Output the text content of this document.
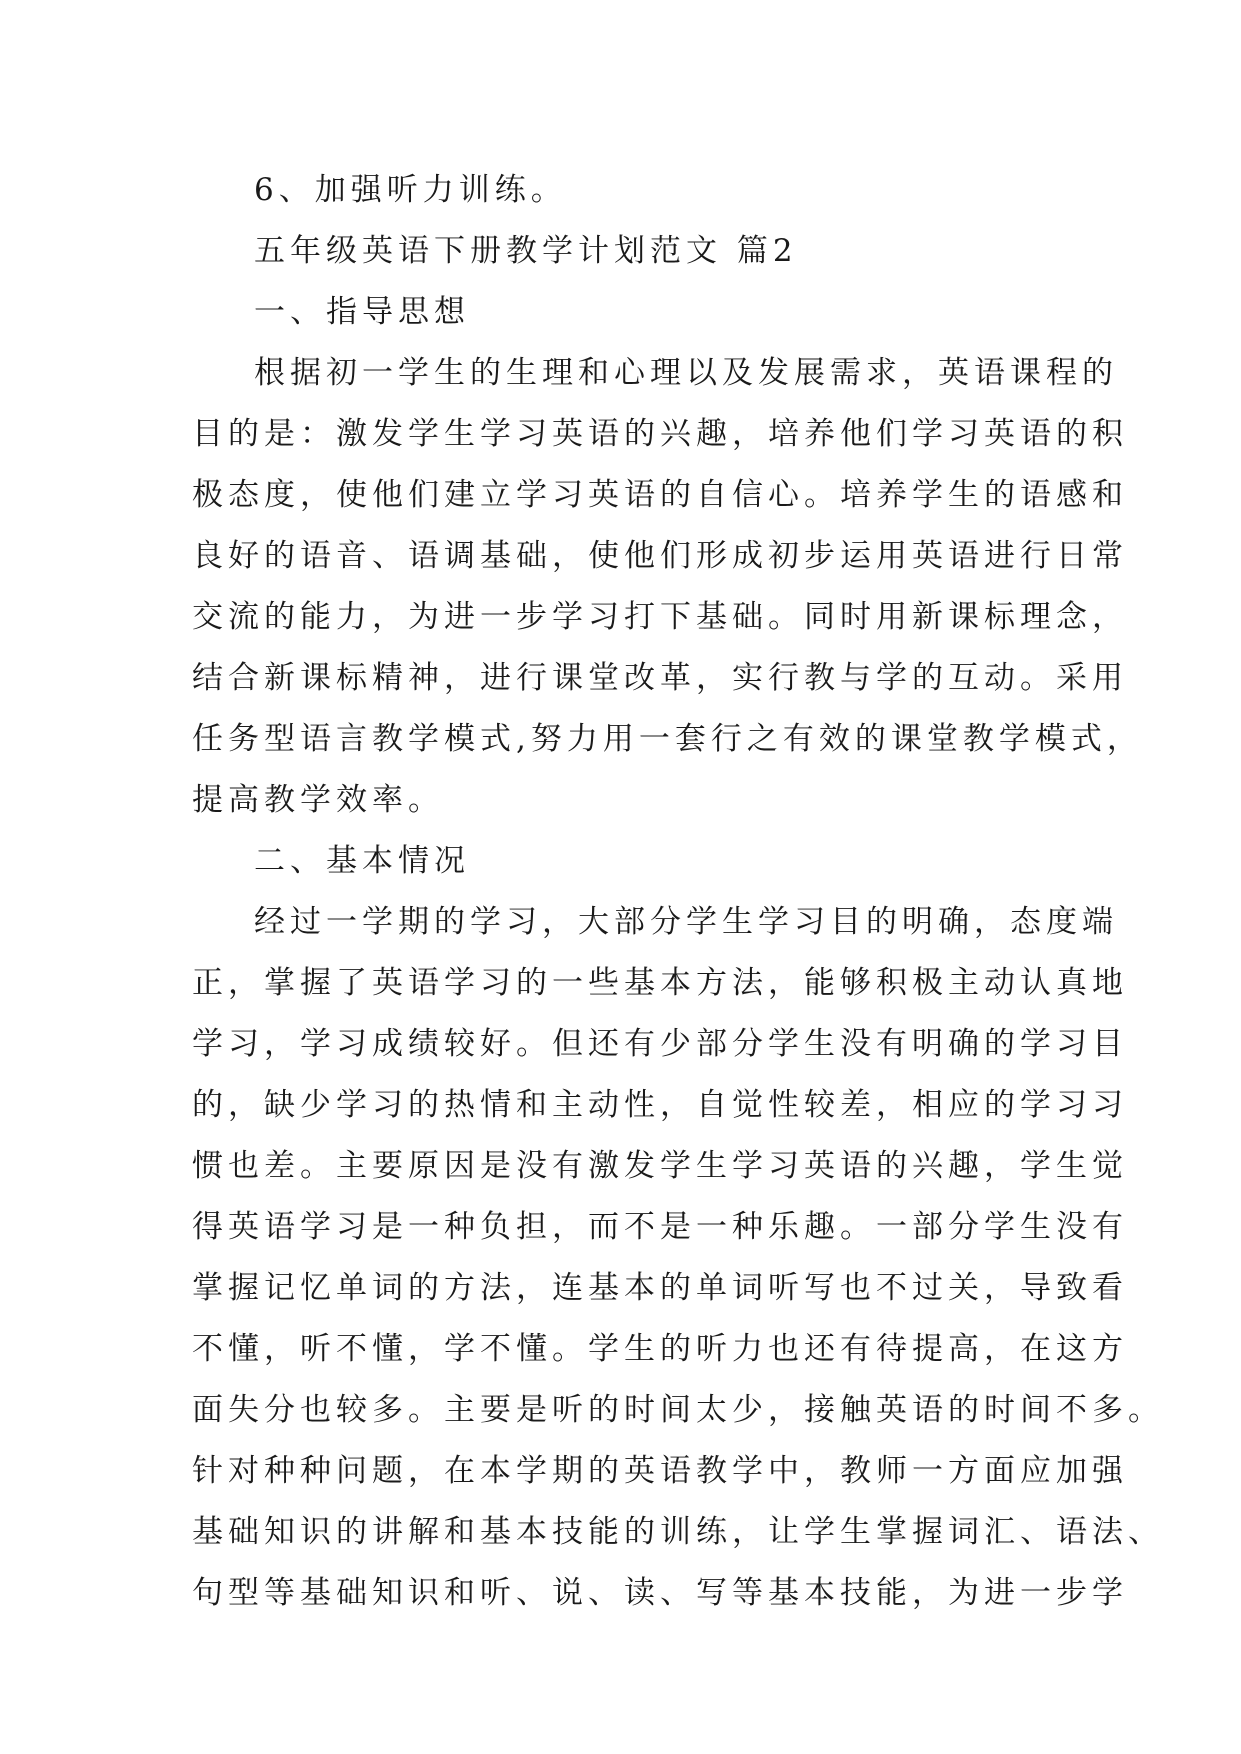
6、加强听力训练。
五年级英语下册教学计划范文 篇2
一、指导思想
根据初一学生的生理和心理以及发展需求，英语课程的
目的是：激发学生学习英语的兴趣，培养他们学习英语的积
极态度，使他们建立学习英语的自信心。培养学生的语感和
良好的语音、语调基础，使他们形成初步运用英语进行日常
交流的能力，为进一步学习打下基础。同时用新课标理念，
结合新课标精神，进行课堂改革，实行教与学的互动。采用
任务型语言教学模式,努力用一套行之有效的课堂教学模式，
提高教学效率。
二、基本情况
经过一学期的学习，大部分学生学习目的明确，态度端
正，掌握了英语学习的一些基本方法，能够积极主动认真地
学习，学习成绩较好。但还有少部分学生没有明确的学习目
的，缺少学习的热情和主动性，自觉性较差，相应的学习习
惯也差。主要原因是没有激发学生学习英语的兴趣，学生觉
得英语学习是一种负担，而不是一种乐趣。一部分学生没有
掌握记忆单词的方法，连基本的单词听写也不过关，导致看
不懂，听不懂，学不懂。学生的听力也还有待提高，在这方
面失分也较多。主要是听的时间太少，接触英语的时间不多。
针对种种问题，在本学期的英语教学中，教师一方面应加强
基础知识的讲解和基本技能的训练，让学生掌握词汇、语法、
句型等基础知识和听、说、读、写等基本技能，为进一步学
